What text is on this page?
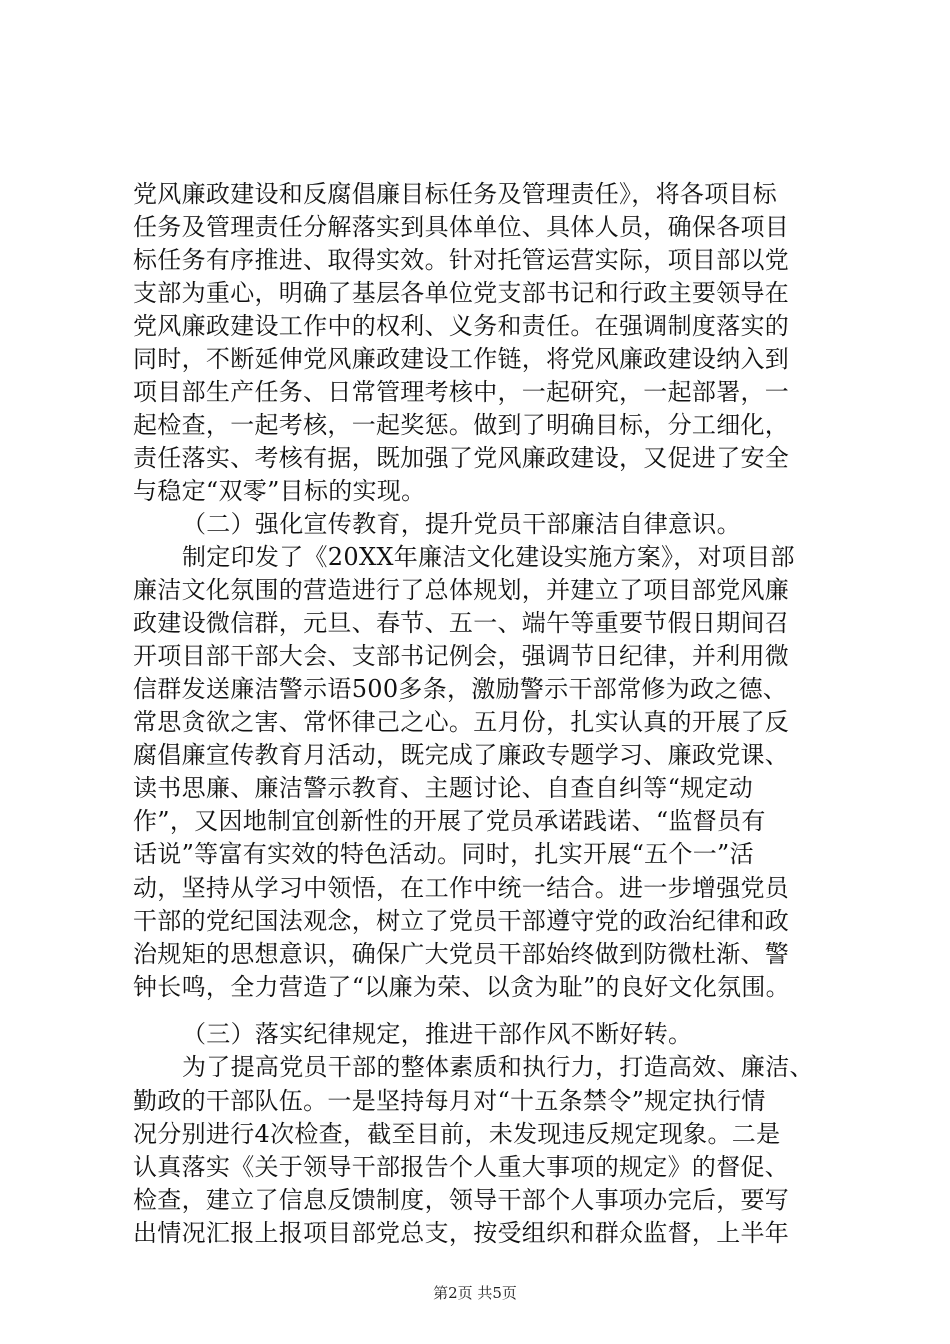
党风廉政建设和反腐倡廉目标任务及管理责任》，将各项目标
任务及管理责任分解落实到具体单位、具体人员，确保各项目
标任务有序推进、取得实效。针对托管运营实际，项目部以党
支部为重心，明确了基层各单位党支部书记和行政主要领导在
党风廉政建设工作中的权利、义务和责任。在强调制度落实的
同时，不断延伸党风廉政建设工作链，将党风廉政建设纳入到
项目部生产任务、日常管理考核中，一起研究，一起部署，一
起检查，一起考核，一起奖惩。做到了明确目标，分工细化，
责任落实、考核有据，既加强了党风廉政建设，又促进了安全
与稳定“双零”目标的实现。
（二）强化宣传教育，提升党员干部廉洁自律意识。
制定印发了《20XX年廉洁文化建设实施方案》，对项目部
廉洁文化氛围的营造进行了总体规划，并建立了项目部党风廉
政建设微信群，元旦、春节、五一、端午等重要节假日期间召
开项目部干部大会、支部书记例会，强调节日纪律，并利用微
信群发送廉洁警示语500多条，激励警示干部常修为政之德、
常思贪欲之害、常怀律己之心。五月份，扎实认真的开展了反
腐倡廉宣传教育月活动，既完成了廉政专题学习、廉政党课、
读书思廉、廉洁警示教育、主题讨论、自查自纠等“规定动
作”，又因地制宜创新性的开展了党员承诺践诺、“监督员有
话说”等富有实效的特色活动。同时，扎实开展“五个一”活
动，坚持从学习中领悟，在工作中统一结合。进一步增强党员
干部的党纪国法观念，树立了党员干部遵守党的政治纪律和政
治规矩的思想意识，确保广大党员干部始终做到防微杜渐、警
钟长鸣，全力营造了“以廉为荣、以贪为耻”的良好文化氛围。
（三）落实纪律规定，推进干部作风不断好转。
为了提高党员干部的整体素质和执行力，打造高效、廉洁、
勤政的干部队伍。一是坚持每月对“十五条禁令”规定执行情
况分别进行4次检查，截至目前，未发现违反规定现象。二是
认真落实《关于领导干部报告个人重大事项的规定》的督促、
检查，建立了信息反馈制度，领导干部个人事项办完后，要写
出情况汇报上报项目部党总支，按受组织和群众监督，上半年
第2页 共5页
